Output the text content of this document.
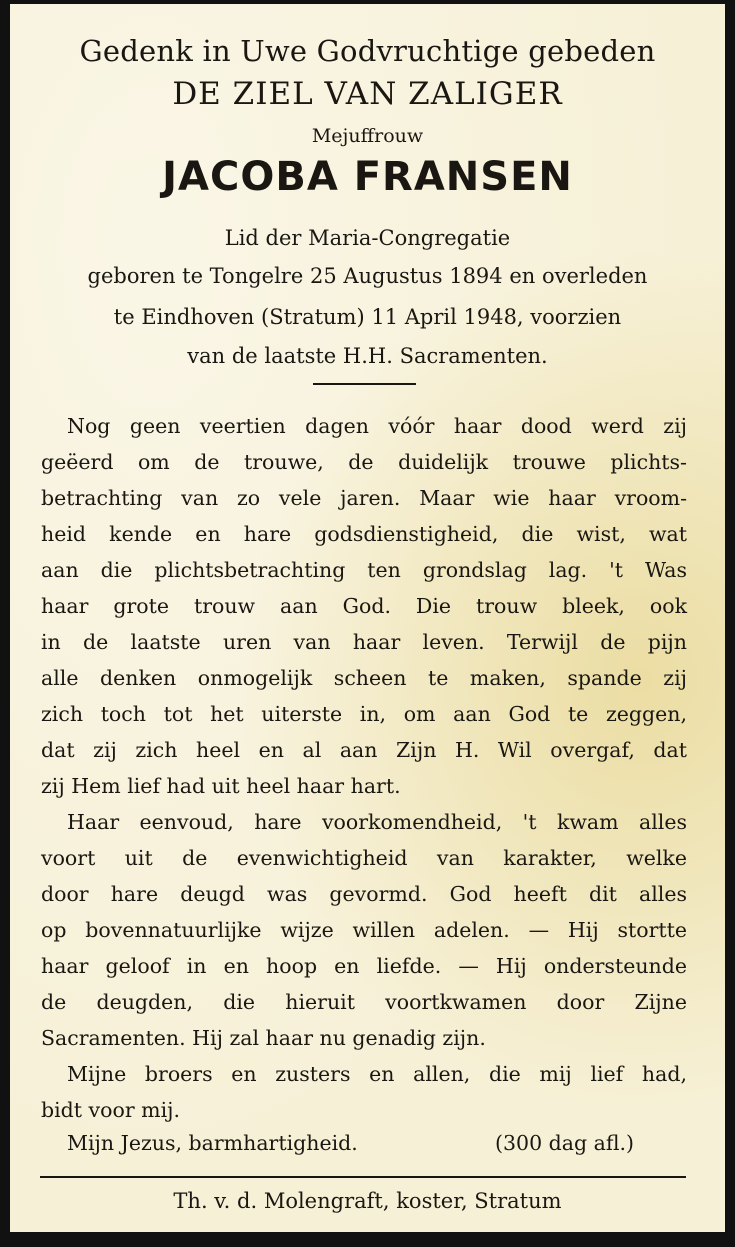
Gedenk in Uwe Godvruchtige gebeden
DE ZIEL VAN ZALIGER
Mejuffrouw
JACOBA FRANSEN
Lid der Maria-Congregatie
geboren te Tongelre 25 Augustus 1894 en overleden
te Eindhoven (Stratum) 11 April 1948, voorzien
van de laatste H.H. Sacramenten.
Nog geen veertien dagen vóór haar dood werd zij
geëerd om de trouwe, de duidelijk trouwe plichts-
betrachting van zo vele jaren. Maar wie haar vroom-
heid kende en hare godsdienstigheid, die wist, wat
aan die plichtsbetrachting ten grondslag lag. 't Was
haar grote trouw aan God. Die trouw bleek, ook
in de laatste uren van haar leven. Terwijl de pijn
alle denken onmogelijk scheen te maken, spande zij
zich toch tot het uiterste in, om aan God te zeggen,
dat zij zich heel en al aan Zijn H. Wil overgaf, dat
zij Hem lief had uit heel haar hart.
Haar eenvoud, hare voorkomendheid, 't kwam alles
voort uit de evenwichtigheid van karakter, welke
door hare deugd was gevormd. God heeft dit alles
op bovennatuurlijke wijze willen adelen. — Hij stortte
haar geloof in en hoop en liefde. — Hij ondersteunde
de deugden, die hieruit voortkwamen door Zijne
Sacramenten. Hij zal haar nu genadig zijn.
Mijne broers en zusters en allen, die mij lief had,
bidt voor mij.
Mijn Jezus, barmhartigheid.	(300 dag afl.)
Th. v. d. Molengraft, koster, Stratum
